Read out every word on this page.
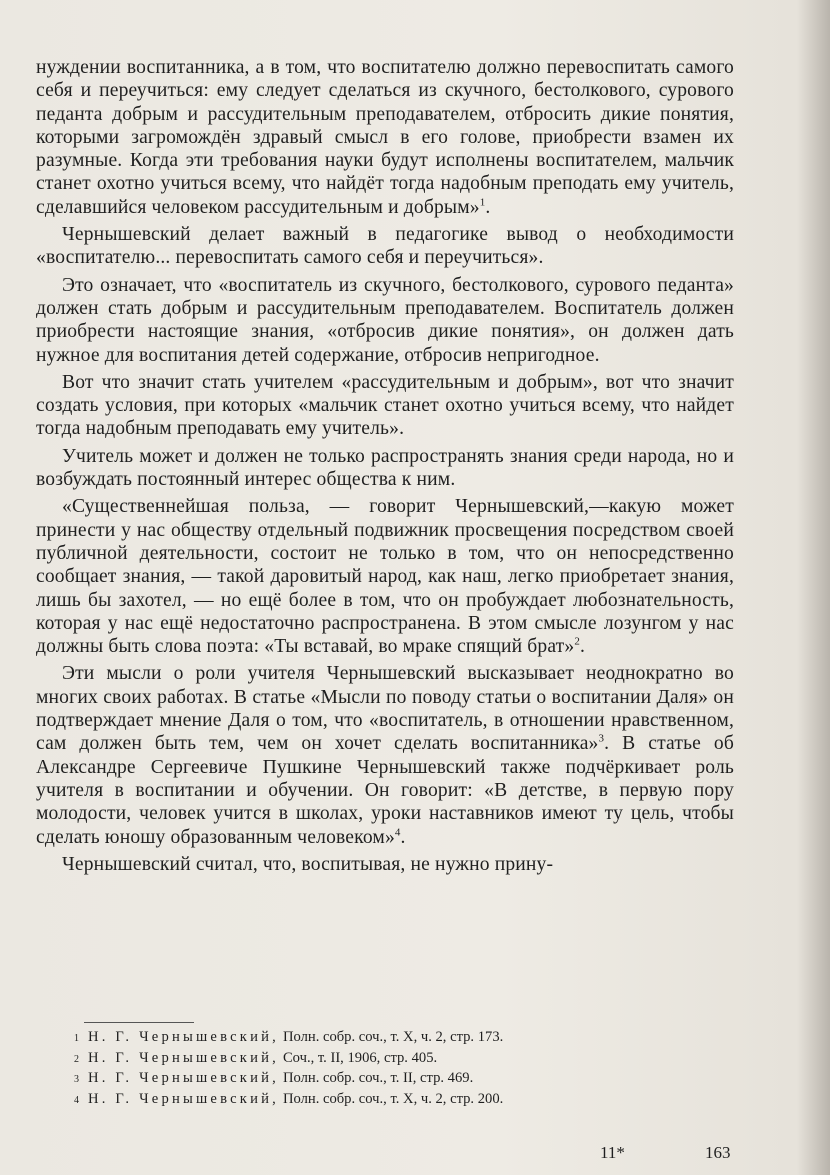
нуждении воспитанника, а в том, что воспитателю должно перевоспитать самого себя и переучиться: ему следует сделаться из скучного, бестолкового, сурового педанта добрым и рассудительным преподавателем, отбросить дикие понятия, которыми загромождён здравый смысл в его голове, приобрести взамен их разумные. Когда эти требования науки будут исполнены воспитателем, мальчик станет охотно учиться всему, что найдёт тогда надобным преподать ему учитель, сделавшийся человеком рассудительным и добрым»$^1$.

Чернышевский делает важный в педагогике вывод о необходимости «воспитателю... перевоспитать самого себя и переучиться».

Это означает, что «воспитатель из скучного, бестолкового, сурового педанта» должен стать добрым и рассудительным преподавателем. Воспитатель должен приобрести настоящие знания, «отбросив дикие понятия», он должен дать нужное для воспитания детей содержание, отбросив непригодное.

Вот что значит стать учителем «рассудительным и добрым», вот что значит создать условия, при которых «мальчик станет охотно учиться всему, что найдет тогда надобным преподавать ему учитель».

Учитель может и должен не только распространять знания среди народа, но и возбуждать постоянный интерес общества к ним.

«Существеннейшая польза, — говорит Чернышевский,—какую может принести у нас обществу отдельный подвижник просвещения посредством своей публичной деятельности, состоит не только в том, что он непосредственно сообщает знания, — такой даровитый народ, как наш, легко приобретает знания, лишь бы захотел, — но ещё более в том, что он пробуждает любознательность, которая у нас ещё недостаточно распространена. В этом смысле лозунгом у нас должны быть слова поэта: «Ты вставай, во мраке спящий брат»$^2$.

Эти мысли о роли учителя Чернышевский высказывает неоднократно во многих своих работах. В статье «Мысли по поводу статьи о воспитании Даля» он подтверждает мнение Даля о том, что «воспитатель, в отношении нравственном, сам должен быть тем, чем он хочет сделать воспитанника»$^3$. В статье об Александре Сергеевиче Пушкине Чернышевский также подчёркивает роль учителя в воспитании и обучении. Он говорит: «В детстве, в первую пору молодости, человек учится в школах, уроки наставников имеют ту цель, чтобы сделать юношу образованным человеком»$^4$.

Чернышевский считал, что, воспитывая, не нужно прину-

1 Н. Г. Чернышевский, Полн. собр. соч., т. X, ч. 2, стр. 173.
2 Н. Г. Чернышевский, Соч., т. II, 1906, стр. 405.
3 Н. Г. Чернышевский, Полн. собр. соч., т. II, стр. 469.
4 Н. Г. Чернышевский, Полн. собр. соч., т. X, ч. 2, стр. 200.
11*	163
